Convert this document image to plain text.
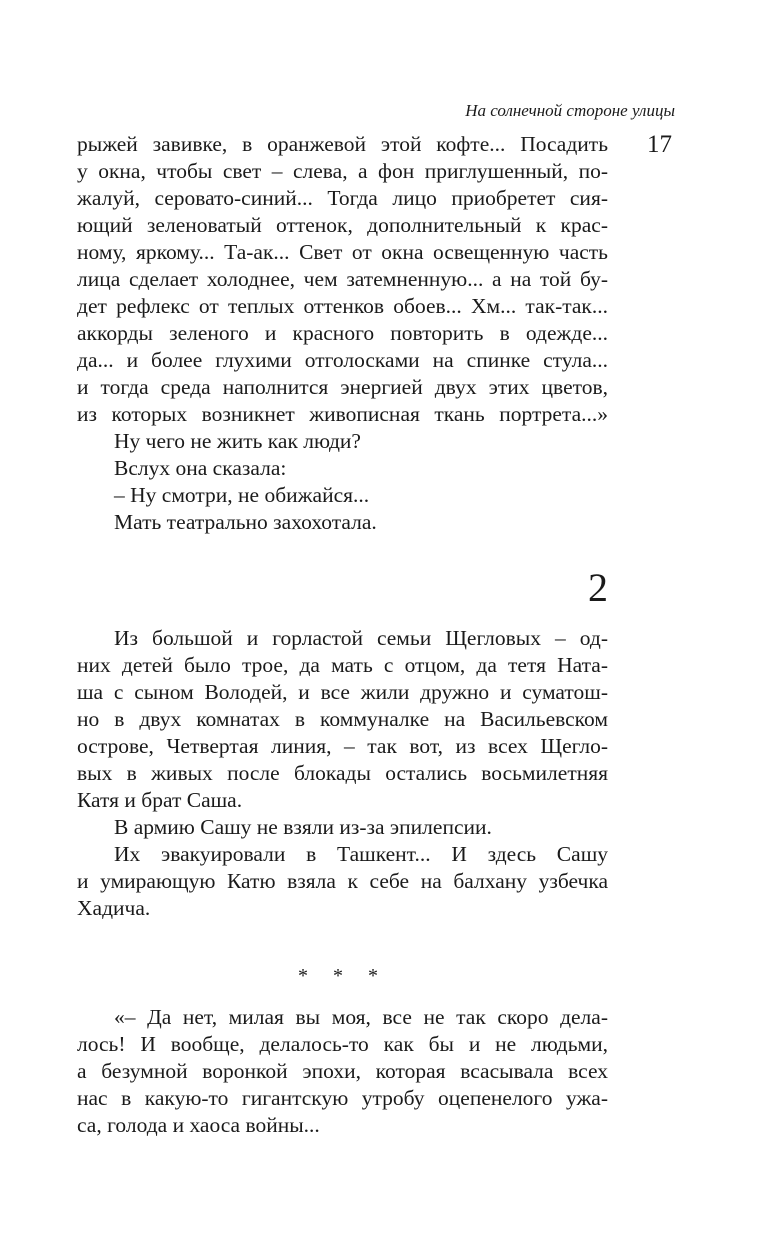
На солнечной стороне улицы
17
рыжей завивке, в оранжевой этой кофте... Посадить
у окна, чтобы свет – слева, а фон приглушенный, по-
жалуй, серовато-синий... Тогда лицо приобретет сия-
ющий зеленоватый оттенок, дополнительный к крас-
ному, яркому... Та-ак... Свет от окна освещенную часть
лица сделает холоднее, чем затемненную... а на той бу-
дет рефлекс от теплых оттенков обоев... Хм... так-так...
аккорды зеленого и красного повторить в одежде...
да... и более глухими отголосками на спинке стула...
и тогда среда наполнится энергией двух этих цветов,
из которых возникнет живописная ткань портрета...»
Ну чего не жить как люди?
Вслух она сказала:
– Ну смотри, не обижайся...
Мать театрально захохотала.
2
Из большой и горластой семьи Щегловых – од-
них детей было трое, да мать с отцом, да тетя Ната-
ша с сыном Володей, и все жили дружно и суматош-
но в двух комнатах в коммуналке на Васильевском
острове, Четвертая линия, – так вот, из всех Щегло-
вых в живых после блокады остались восьмилетняя
Катя и брат Саша.
В армию Сашу не взяли из-за эпилепсии.
Их эвакуировали в Ташкент... И здесь Сашу
и умирающую Катю взяла к себе на балхану узбечка
Хадича.
* * *
«– Да нет, милая вы моя, все не так скоро дела-
лось! И вообще, делалось-то как бы и не людьми,
а безумной воронкой эпохи, которая всасывала всех
нас в какую-то гигантскую утробу оцепенелого ужа-
са, голода и хаоса войны...
